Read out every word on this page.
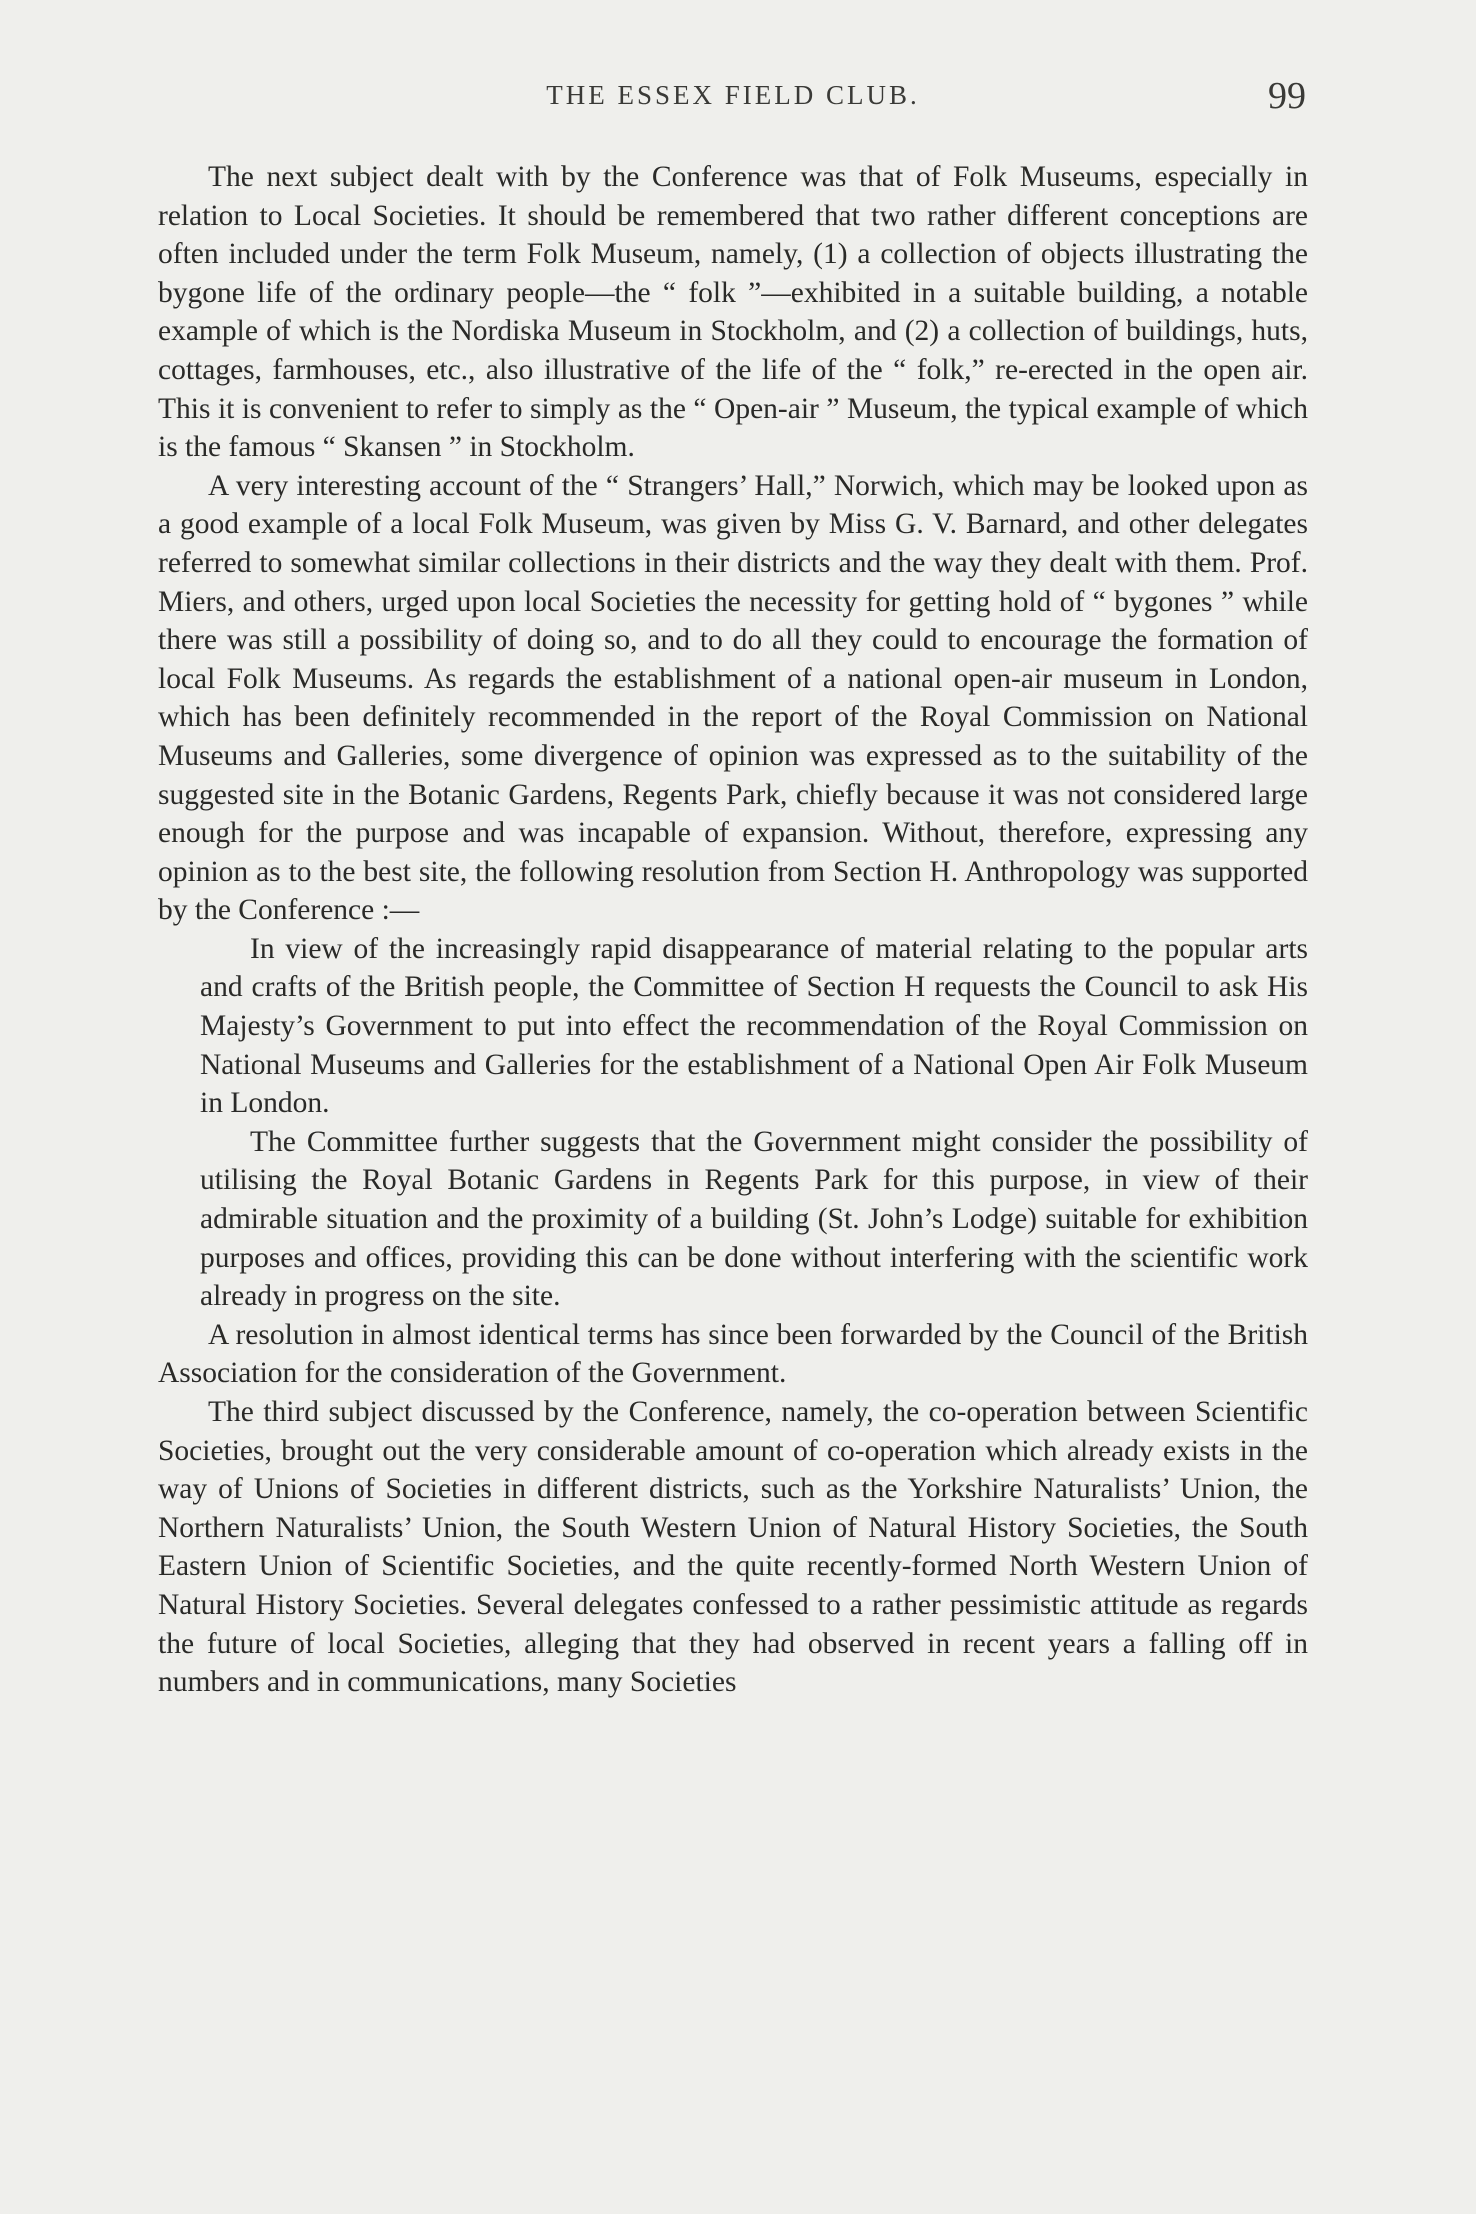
THE ESSEX FIELD CLUB.	99

The next subject dealt with by the Conference was that of Folk Museums, especially in relation to Local Societies. It should be remembered that two rather different conceptions are often included under the term Folk Museum, namely, (1) a collection of objects illustrating the bygone life of the ordinary people—the “ folk ”—exhibited in a suitable building, a notable example of which is the Nordiska Museum in Stockholm, and (2) a collection of buildings, huts, cottages, farmhouses, etc., also illustrative of the life of the “ folk,” re-erected in the open air. This it is convenient to refer to simply as the “ Open-air ” Museum, the typical example of which is the famous “ Skansen ” in Stockholm.

A very interesting account of the “ Strangers’ Hall,” Norwich, which may be looked upon as a good example of a local Folk Museum, was given by Miss G. V. Barnard, and other delegates referred to somewhat similar collections in their districts and the way they dealt with them. Prof. Miers, and others, urged upon local Societies the necessity for getting hold of “ bygones ” while there was still a possibility of doing so, and to do all they could to encourage the formation of local Folk Museums. As regards the establishment of a national open-air museum in London, which has been definitely recommended in the report of the Royal Commission on National Museums and Galleries, some divergence of opinion was expressed as to the suitability of the suggested site in the Botanic Gardens, Regents Park, chiefly because it was not considered large enough for the purpose and was incapable of expansion. Without, therefore, expressing any opinion as to the best site, the following resolution from Section H. Anthropology was supported by the Conference :—

In view of the increasingly rapid disappearance of material relating to the popular arts and crafts of the British people, the Committee of Section H requests the Council to ask His Majesty’s Government to put into effect the recommendation of the Royal Commission on National Museums and Galleries for the establishment of a National Open Air Folk Museum in London.

The Committee further suggests that the Government might consider the possibility of utilising the Royal Botanic Gardens in Regents Park for this purpose, in view of their admirable situation and the proximity of a building (St. John’s Lodge) suitable for exhibition purposes and offices, providing this can be done without interfering with the scientific work already in progress on the site.

A resolution in almost identical terms has since been forwarded by the Council of the British Association for the consideration of the Government.

The third subject discussed by the Conference, namely, the co-operation between Scientific Societies, brought out the very considerable amount of co-operation which already exists in the way of Unions of Societies in different districts, such as the Yorkshire Naturalists’ Union, the Northern Naturalists’ Union, the South Western Union of Natural History Societies, the South Eastern Union of Scientific Societies, and the quite recently-formed North Western Union of Natural History Societies. Several delegates confessed to a rather pessimistic attitude as regards the future of local Societies, alleging that they had observed in recent years a falling off in numbers and in communications, many Societies
